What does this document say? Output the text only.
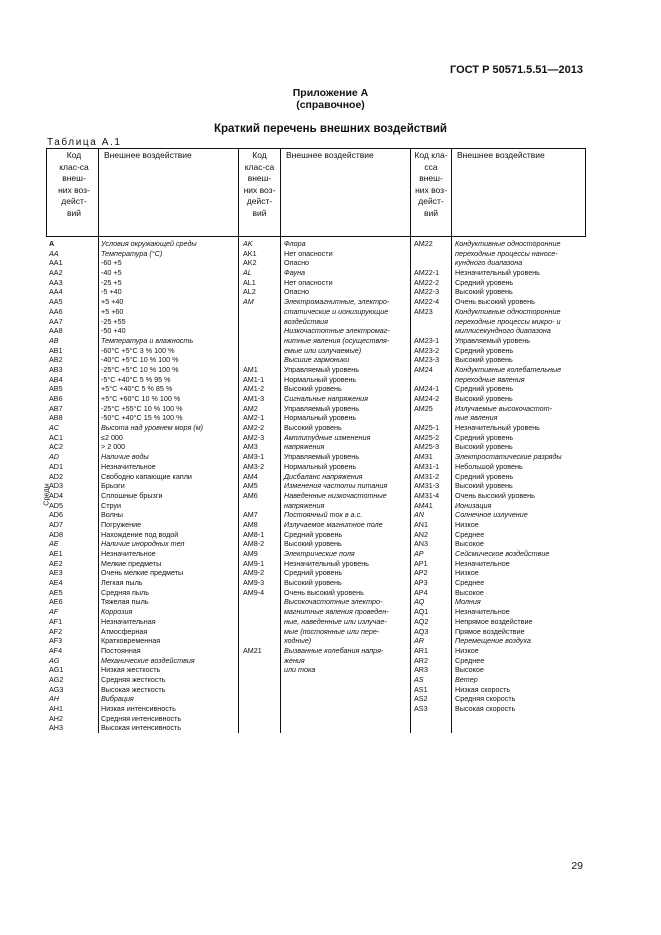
ГОСТ Р 50571.5.51—2013
Приложение А
(справочное)
Краткий перечень внешних воздействий
Таблица А.1
Код клас-са внеш-них воз-дейст-вий
Внешнее воздействие	Код клас-са внеш-них воз-дейст-вий
Внешнее воздействие	Код кла-сса внеш-них воз-дейст-вий
Внешнее воздействие
Среды
A
AA
AA1
AA2
AA3
AA4
AA5
AA6
AA7
AA8
AB
AB1
AB2
AB3
AB4
AB5
AB6
AB7
AB8
AC
AC1
AC2
AD
AD1
AD2
AD3
AD4
AD5
AD6
AD7
AD8
AE
AE1
AE2
AE3
AE4
AE5
AE6
AF
AF1
AF2
AF3
AF4
AG
AG1
AG2
AG3
AH
AH1
AH2
AH3
Условия окружающей среды
Температура (°C)
-60 +5
-40 +5
-25 +5
-5 +40
+5 +40
+5 +60
-25 +55
-50 +40
Температура и влажность
-60°C +5°C 3 % 100 %
-40°C +5°C 10 % 100 %
-25°C +5°C 10 % 100 %
-5°C +40°C 5 % 95 %
+5°C +40°C 5 % 85 %
+5°C +60°C 10 % 100 %
-25°C +55°C 10 % 100 %
-50°C +40°C 15 % 100 %
Высота над уровнем моря (м)
≤2 000
> 2 000
Наличие воды
Незначительное
Свободно капающие капли
Брызги
Сплошные брызги
Струи
Волны
Погружение
Нахождение под водой
Наличие инородных тел
Незначительное
Мелкие предметы
Очень мелкие предметы
Легкая пыль
Средняя пыль
Тяжелая пыль
Коррозия
Незначительная
Атмосферная
Кратковременная
Постоянная
Механические воздействия
Низкая жесткость
Средняя жесткость
Высокая жесткость
Вибрация
Низкая интенсивность
Средняя интенсивность
Высокая интенсивность
AK
AK1
AK2
AL
AL1
AL2
AM
AM1
AM1-1
AM1-2
AM1-3
AM2
AM2-1
AM2-2
AM2-3
AM3
AM3-1
AM3-2
AM4
AM5
AM6
AM7
AM8
AM8-1
AM8-2
AM9
AM9-1
AM9-2
AM9-3
AM9-4
AM21
Флора
Нет опасности
Опасно
Фауна
Нет опасности
Опасно
Электромагнитные, электро-
статические и ионизирующие
воздействия
Низкочастотные электромаг-
нитные явления (осуществля-
емые или излучаемые)
Высшие гармоники
Управляемый уровень
Нормальный уровень
Высокий уровень
Сигнальные напряжения
Управляемый уровень
Нормальный уровень
Высокий уровень
Амплитудные изменения
напряжения
Управляемый уровень
Нормальный уровень
Дисбаланс напряжения
Изменения частоты питания
Наведенные низкочастотные
напряжения
Постоянный ток в а.с.
Излучаемое магнитное поле
Средний уровень
Высокий уровень
Электрические поля
Незначительный уровень
Средний уровень
Высокий уровень
Очень высокий уровень
Высокочастотные электро-
магнитные явления проведен-
ные, наведенные или излучае-
мые (постоянные или пере-
ходные)
Вызванные колебания напря-
жения
или тока
AM22

AM22-1
AM22-2
AM22-3
AM22-4
AM23

AM23-1
AM23-2
AM23-3
AM24

AM24-1
AM24-2
AM25

AM25-1
AM25-2
AM25-3
AM31
AM31-1
AM31-2
AM31-3
AM31-4
AM41
AN
AN1
AN2
AN3
AP
AP1
AP2
AP3
AP4
AQ
AQ1
AQ2
AQ3
AR
AR1
AR2
AR3
AS
AS1
AS2
AS3
Кондуктивные односторонние
переходные процессы наносе-
кундного диапазона
Незначительный уровень
Средний уровень
Высокий уровень
Очень высокий уровень
Кондуктивные односторонние
переходные процессы микро- и
миллисекундного диапазона
Управляемый уровень
Средний уровень
Высокий уровень
Кондуктивные колебательные
переходные явления
Средний уровень
Высокий уровень
Излучаемые высокочастот-
ные явления
Незначительный уровень
Средний уровень
Высокий уровень
Электростатические разряды
Небольшой уровень
Средний уровень
Высокий уровень
Очень высокий уровень
Ионизация
Солнечное излучение
Низкое
Среднее
Высокое
Сейсмическое воздействие
Незначительное
Низкое
Среднее
Высокое
Молния
Незначительное
Непрямое воздействие
Прямое воздействие
Перемещение воздуха
Низкое
Среднее
Высокое
Ветер
Низкая скорость
Средняя скорость
Высокая скорость
29
